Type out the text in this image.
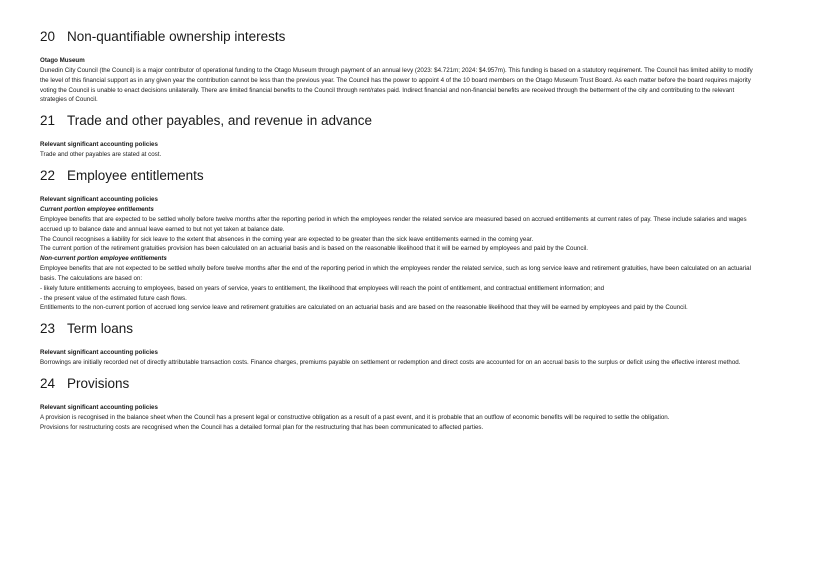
20 Non-quantifiable ownership interests

Otago Museum

Dunedin City Council (the Council) is a major contributor of operational funding to the Otago Museum through payment of an annual levy (2023: $4.721m; 2024: $4.957m). This funding is based on a statutory requirement. The Council has limited ability to modify the level of this financial support as in any given year the contribution cannot be less than the previous year. The Council has the power to appoint 4 of the 10 board members on the Otago Museum Trust Board. As each matter before the board requires majority voting the Council is unable to enact decisions unilaterally. There are limited financial benefits to the Council through rent/rates paid. Indirect financial and non-financial benefits are received through the betterment of the city and contributing to the relevant strategies of Council.

21 Trade and other payables, and revenue in advance

Relevant significant accounting policies

Trade and other payables are stated at cost.

22 Employee entitlements

Relevant significant accounting policies

Current portion employee entitlements

Employee benefits that are expected to be settled wholly before twelve months after the reporting period in which the employees render the related service are measured based on accrued entitlements at current rates of pay. These include salaries and wages accrued up to balance date and annual leave earned to but not yet taken at balance date.

The Council recognises a liability for sick leave to the extent that absences in the coming year are expected to be greater than the sick leave entitlements earned in the coming year.

The current portion of the retirement gratuities provision has been calculated on an actuarial basis and is based on the reasonable likelihood that it will be earned by employees and paid by the Council.

Non-current portion employee entitlements

Employee benefits that are not expected to be settled wholly before twelve months after the end of the reporting period in which the employees render the related service, such as long service leave and retirement gratuities, have been calculated on an actuarial basis. The calculations are based on:

- likely future entitlements accruing to employees, based on years of service, years to entitlement, the likelihood that employees will reach the point of entitlement, and contractual entitlement information; and

- the present value of the estimated future cash flows.

Entitlements to the non-current portion of accrued long service leave and retirement gratuities are calculated on an actuarial basis and are based on the reasonable likelihood that they will be earned by employees and paid by the Council.

23 Term loans

Relevant significant accounting policies

Borrowings are initially recorded net of directly attributable transaction costs. Finance charges, premiums payable on settlement or redemption and direct costs are accounted for on an accrual basis to the surplus or deficit using the effective interest method.

24 Provisions

Relevant significant accounting policies

A provision is recognised in the balance sheet when the Council has a present legal or constructive obligation as a result of a past event, and it is probable that an outflow of economic benefits will be required to settle the obligation.

Provisions for restructuring costs are recognised when the Council has a detailed formal plan for the restructuring that has been communicated to affected parties.
